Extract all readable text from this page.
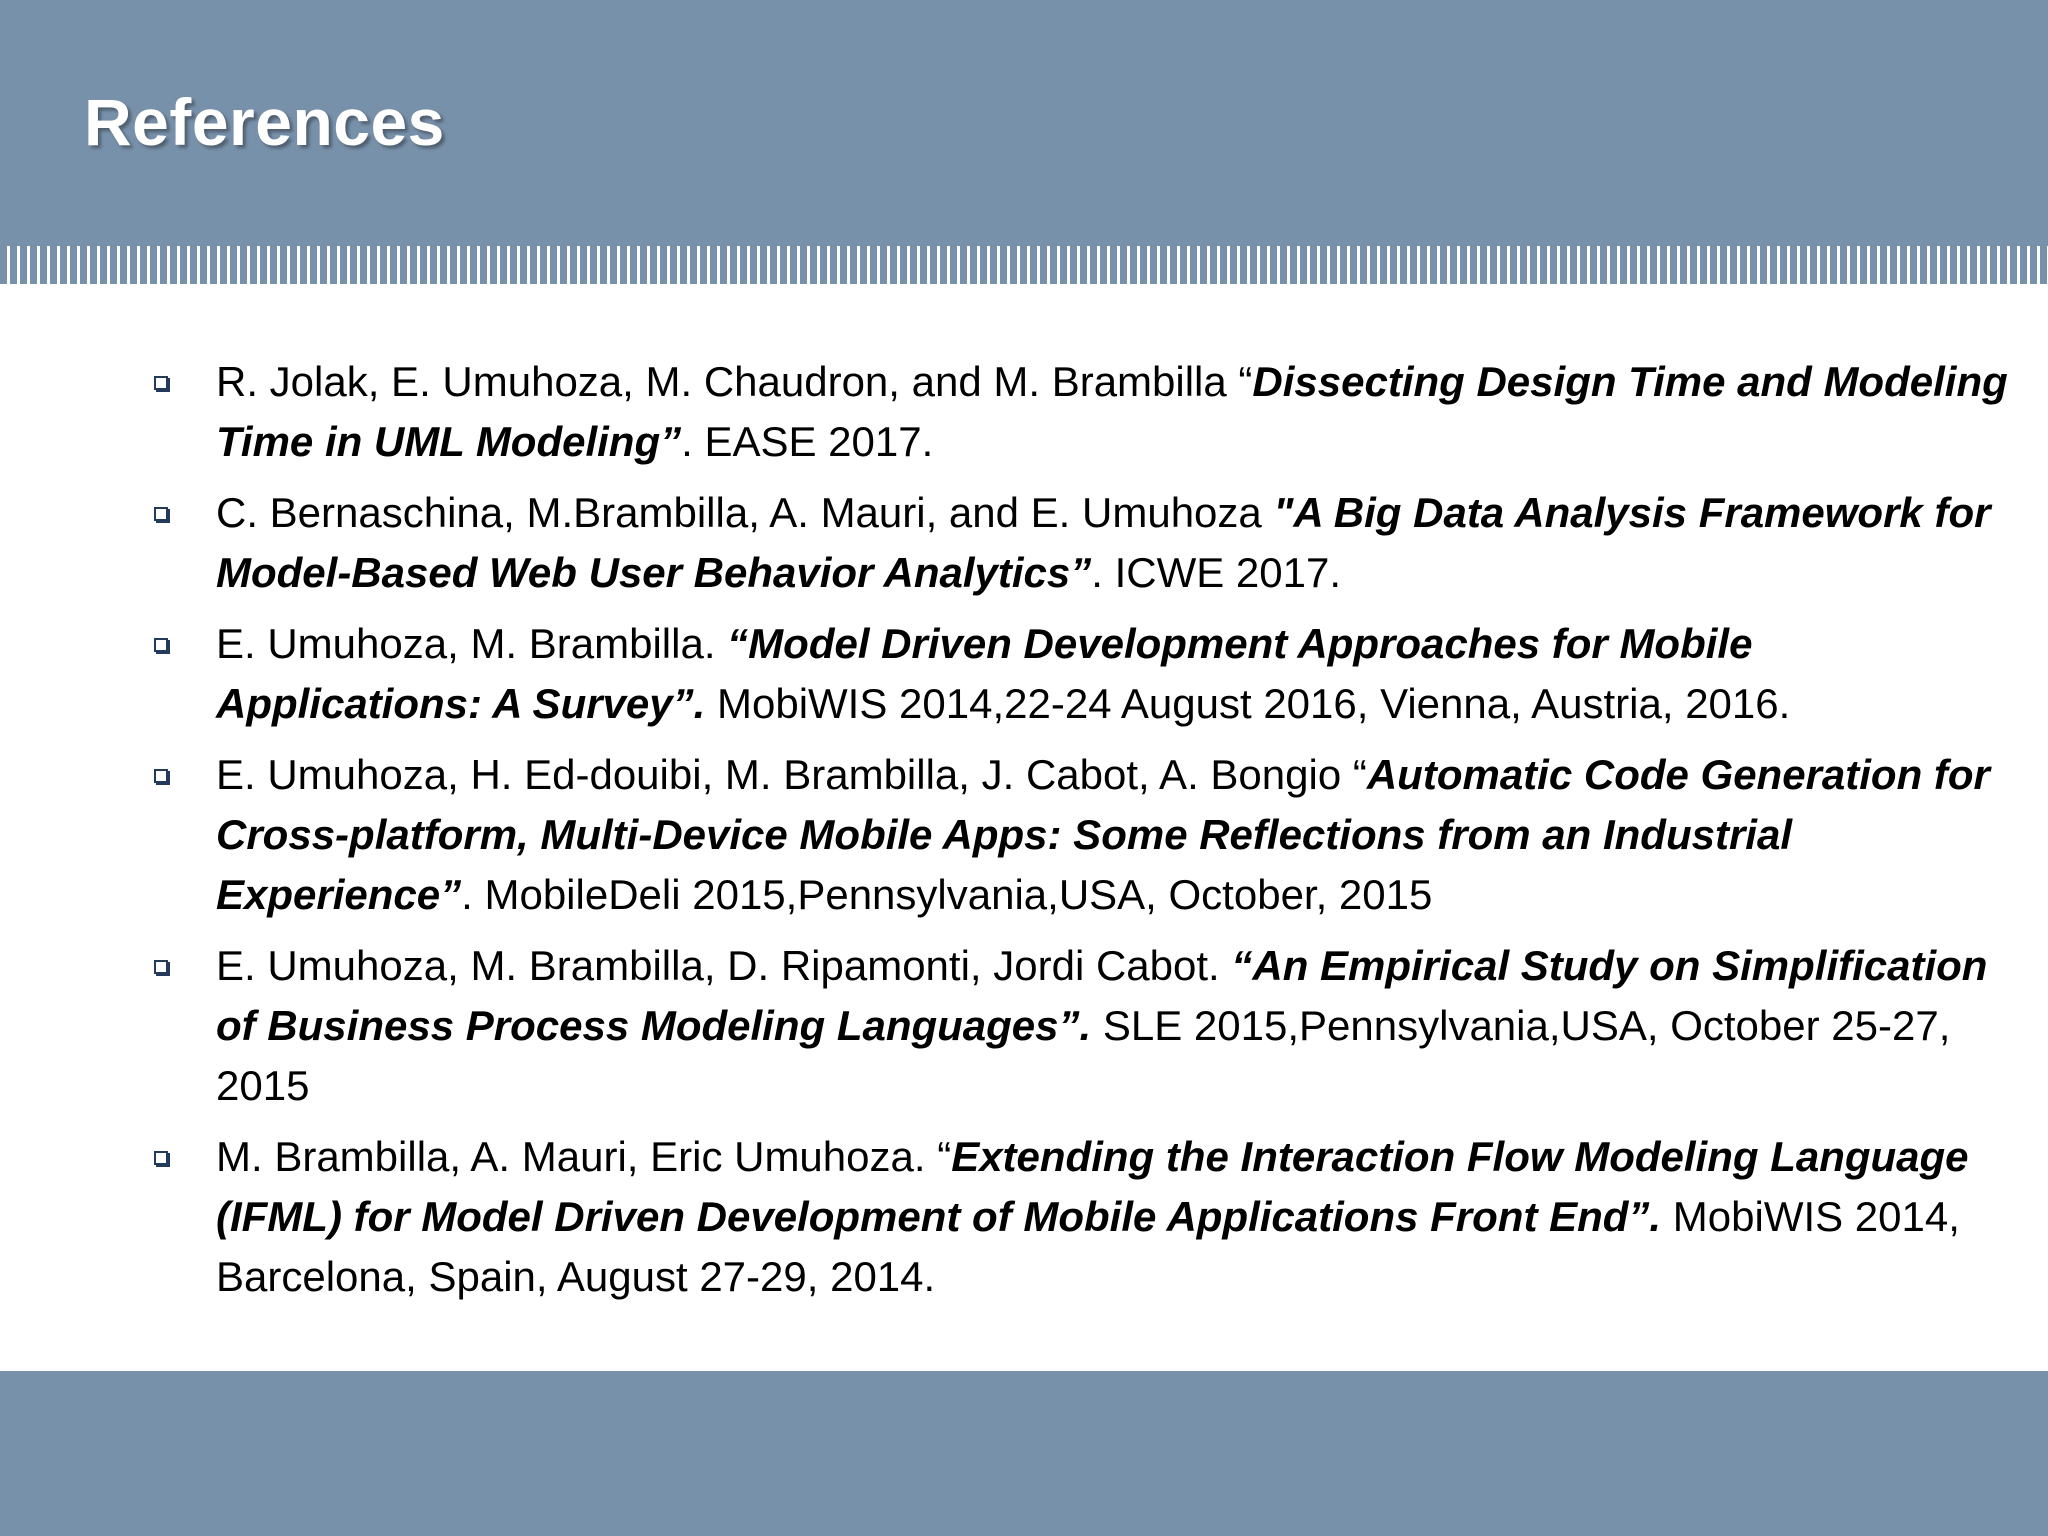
References
R. Jolak, E. Umuhoza, M. Chaudron, and M. Brambilla “Dissecting Design Time and Modeling Time in UML Modeling”. EASE 2017.
C. Bernaschina, M.Brambilla, A. Mauri, and E. Umuhoza "A Big Data Analysis Framework for Model-Based Web User Behavior Analytics”. ICWE 2017.
E. Umuhoza, M. Brambilla. “Model Driven Development Approaches for Mobile Applications: A Survey”. MobiWIS 2014,22-24 August 2016, Vienna, Austria, 2016.
E. Umuhoza, H. Ed-douibi, M. Brambilla, J. Cabot, A. Bongio “Automatic Code Generation for Cross-platform, Multi-Device Mobile Apps: Some Reflections from an Industrial Experience”. MobileDeli 2015,Pennsylvania,USA, October, 2015
E. Umuhoza, M. Brambilla, D. Ripamonti, Jordi Cabot. “An Empirical Study on Simplification of Business Process Modeling Languages”. SLE 2015,Pennsylvania,USA, October 25-27, 2015
M. Brambilla, A. Mauri, Eric Umuhoza. “Extending the Interaction Flow Modeling Language (IFML) for Model Driven Development of Mobile Applications Front End”. MobiWIS 2014, Barcelona, Spain, August 27-29, 2014.
